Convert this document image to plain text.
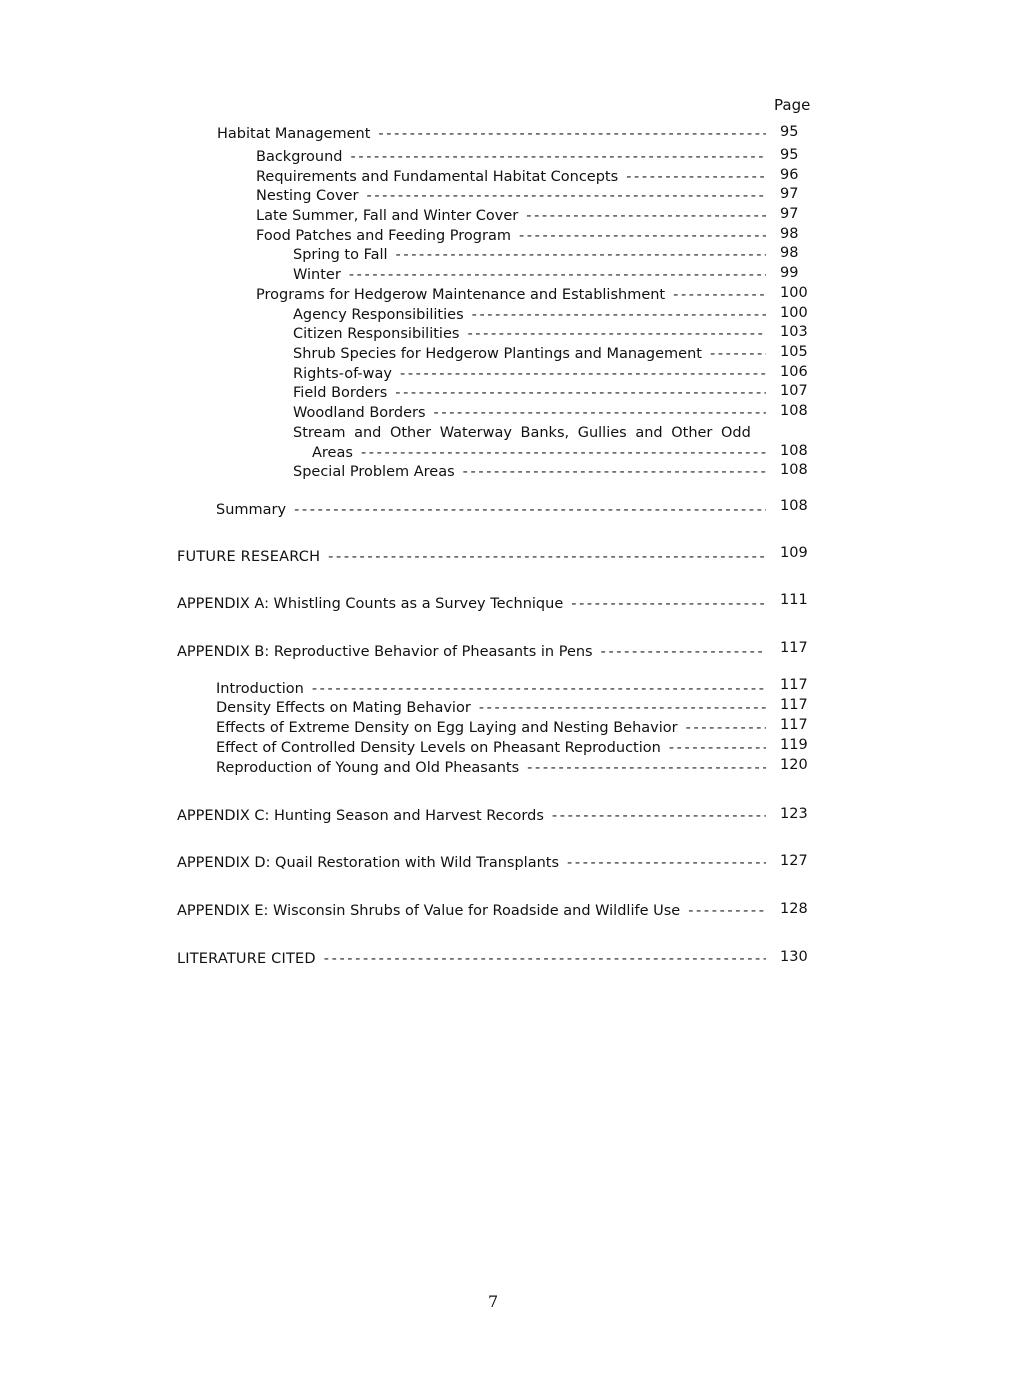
Page
Habitat Management - - -	95
Background - - -	95
Requirements and Fundamental Habitat Concepts - - -	96
Nesting Cover - - -	97
Late Summer, Fall and Winter Cover - - -	97
Food Patches and Feeding Program - - -	98
Spring to Fall - - -	98
Winter - - -	99
Programs for Hedgerow Maintenance and Establishment - - -	100
Agency Responsibilities - - -	100
Citizen Responsibilities - - -	103
Shrub Species for Hedgerow Plantings and Management - - -	105
Rights-of-way - - -	106
Field Borders - - -	107
Woodland Borders - - -	108
Stream and Other Waterway Banks, Gullies and Other Odd
Areas - - -	108
Special Problem Areas - - -	108
Summary - - -	108
FUTURE RESEARCH - - -	109
APPENDIX A: Whistling Counts as a Survey Technique - - -	111
APPENDIX B: Reproductive Behavior of Pheasants in Pens - - -	117
Introduction - - -	117
Density Effects on Mating Behavior - - -	117
Effects of Extreme Density on Egg Laying and Nesting Behavior - - -	117
Effect of Controlled Density Levels on Pheasant Reproduction - - -	119
Reproduction of Young and Old Pheasants - - -	120
APPENDIX C: Hunting Season and Harvest Records - - -	123
APPENDIX D: Quail Restoration with Wild Transplants - - -	127
APPENDIX E: Wisconsin Shrubs of Value for Roadside and Wildlife Use - - -	128
LITERATURE CITED - - -	130
7
